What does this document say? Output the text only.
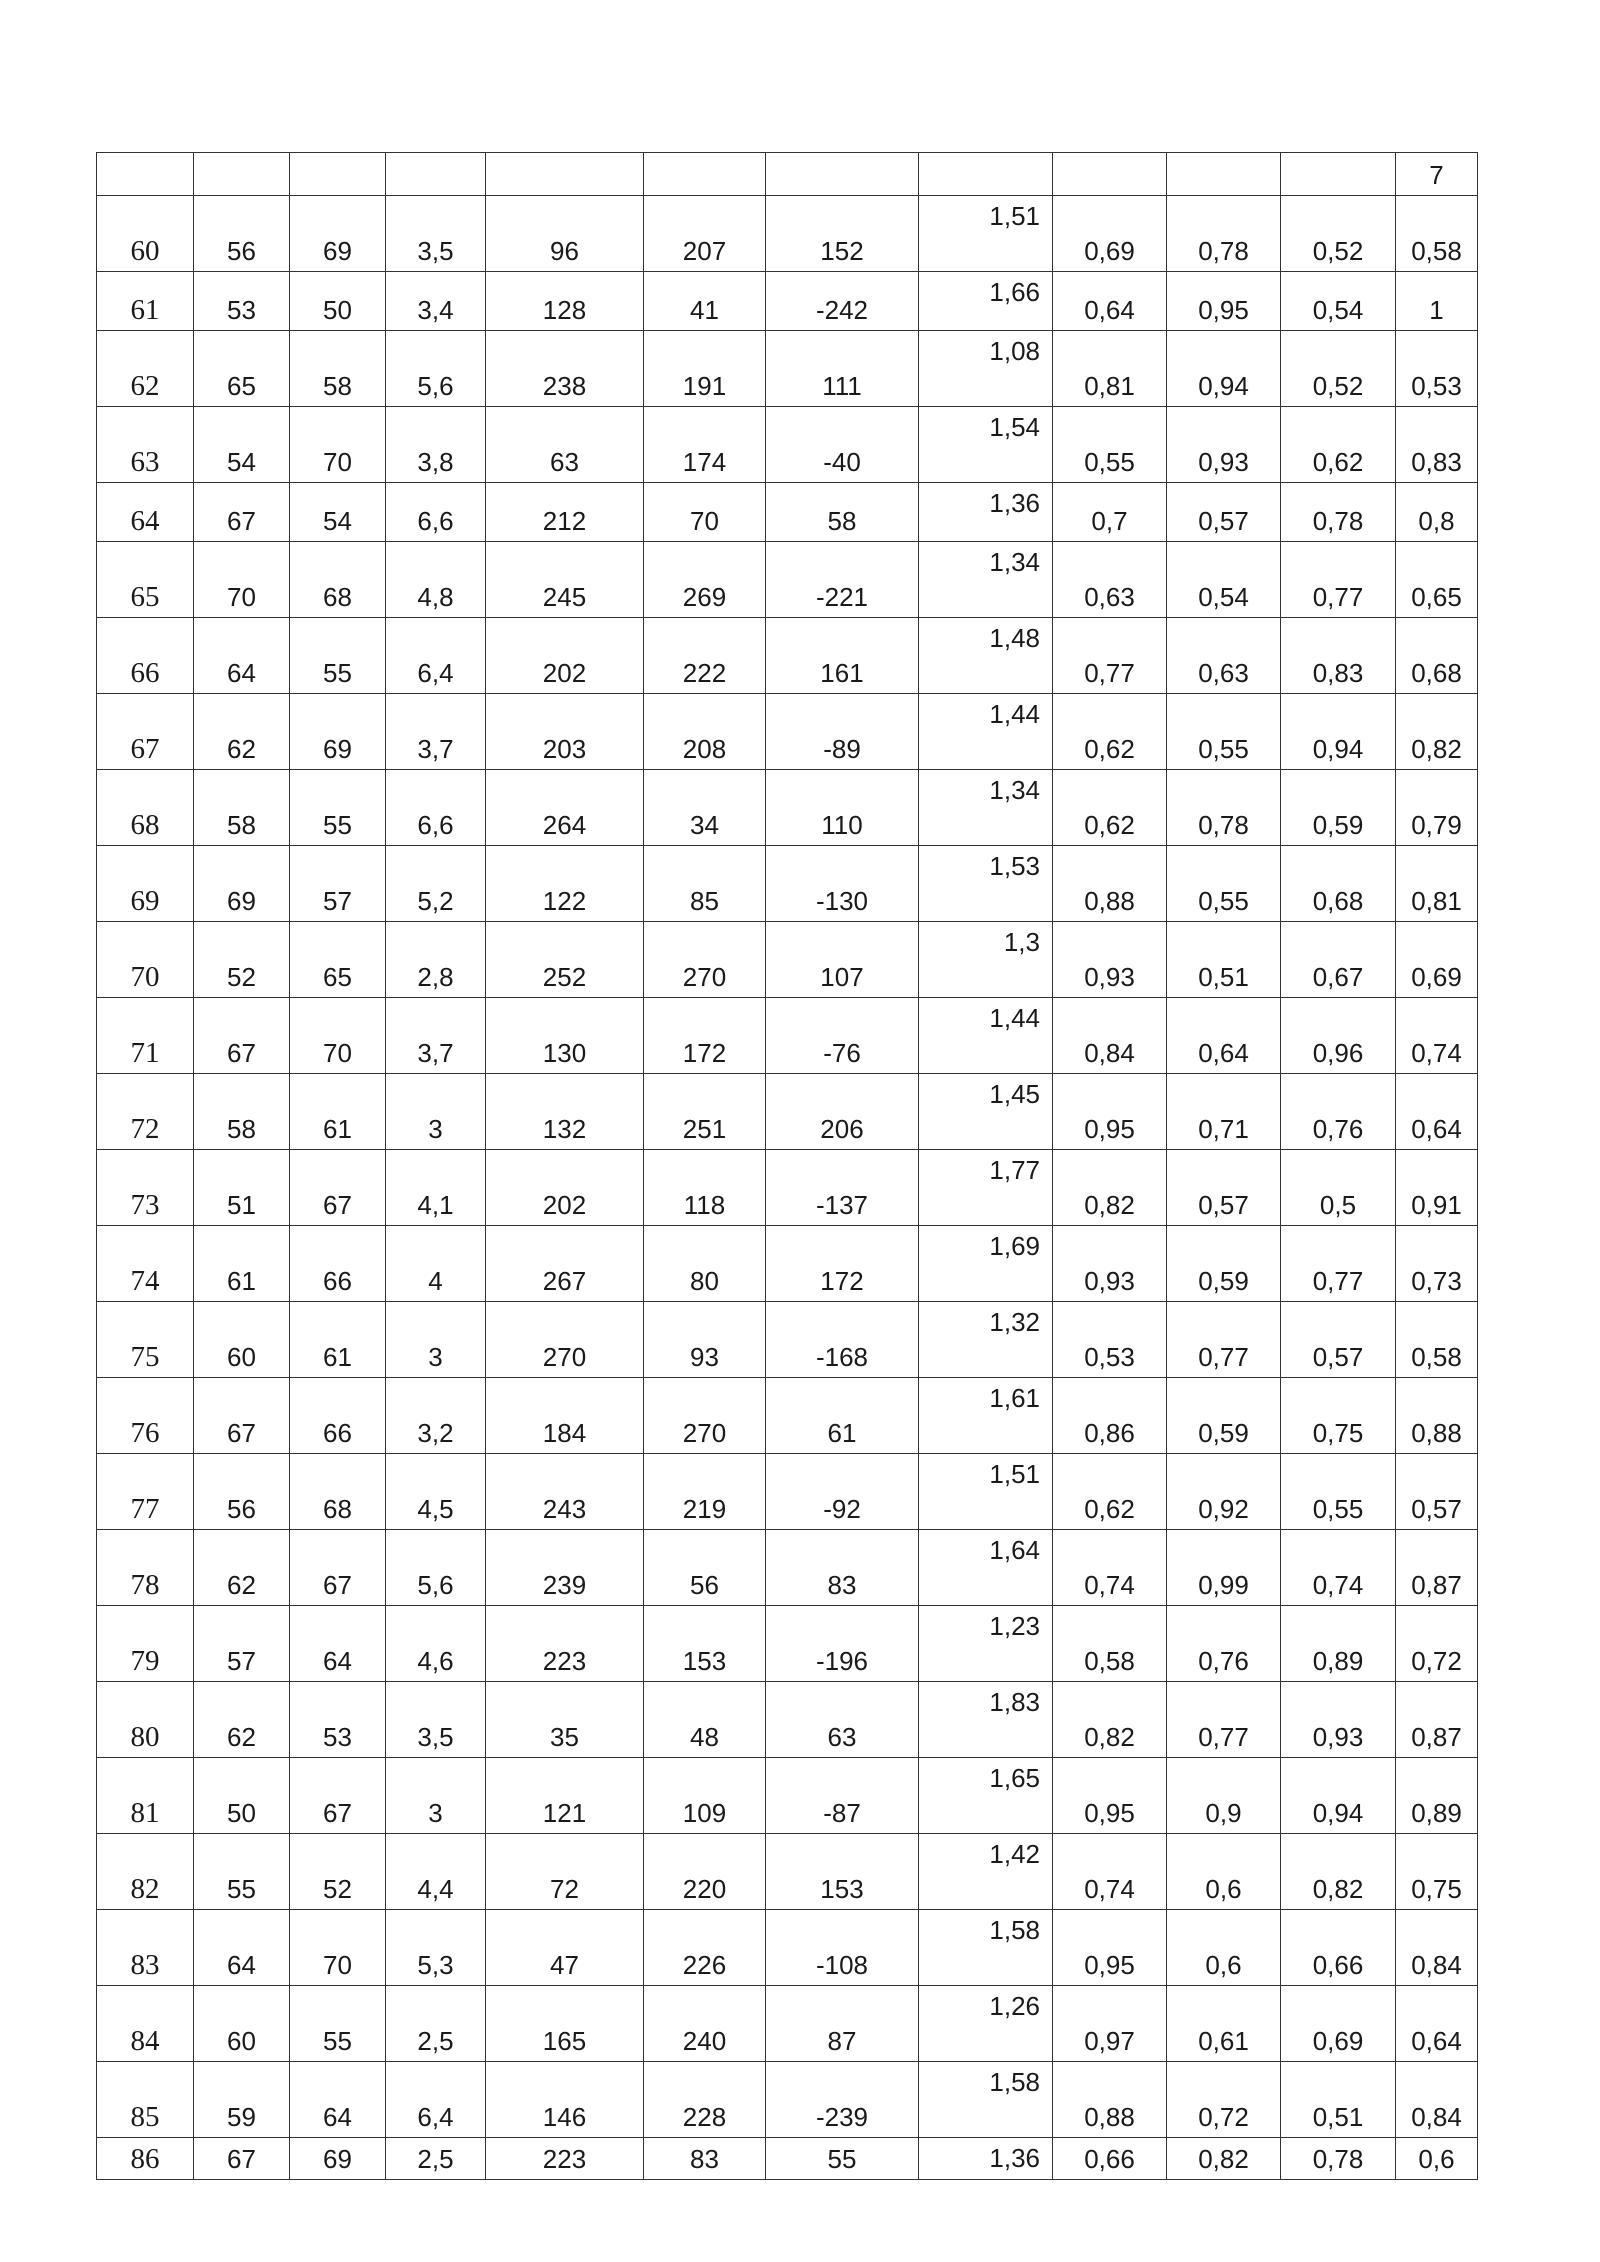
											7
60	56	69	3,5	96	207	152	1,51	0,69	0,78	0,52	0,58
61	53	50	3,4	128	41	-242	1,66	0,64	0,95	0,54	1
62	65	58	5,6	238	191	111	1,08	0,81	0,94	0,52	0,53
63	54	70	3,8	63	174	-40	1,54	0,55	0,93	0,62	0,83
64	67	54	6,6	212	70	58	1,36	0,7	0,57	0,78	0,8
65	70	68	4,8	245	269	-221	1,34	0,63	0,54	0,77	0,65
66	64	55	6,4	202	222	161	1,48	0,77	0,63	0,83	0,68
67	62	69	3,7	203	208	-89	1,44	0,62	0,55	0,94	0,82
68	58	55	6,6	264	34	110	1,34	0,62	0,78	0,59	0,79
69	69	57	5,2	122	85	-130	1,53	0,88	0,55	0,68	0,81
70	52	65	2,8	252	270	107	1,3	0,93	0,51	0,67	0,69
71	67	70	3,7	130	172	-76	1,44	0,84	0,64	0,96	0,74
72	58	61	3	132	251	206	1,45	0,95	0,71	0,76	0,64
73	51	67	4,1	202	118	-137	1,77	0,82	0,57	0,5	0,91
74	61	66	4	267	80	172	1,69	0,93	0,59	0,77	0,73
75	60	61	3	270	93	-168	1,32	0,53	0,77	0,57	0,58
76	67	66	3,2	184	270	61	1,61	0,86	0,59	0,75	0,88
77	56	68	4,5	243	219	-92	1,51	0,62	0,92	0,55	0,57
78	62	67	5,6	239	56	83	1,64	0,74	0,99	0,74	0,87
79	57	64	4,6	223	153	-196	1,23	0,58	0,76	0,89	0,72
80	62	53	3,5	35	48	63	1,83	0,82	0,77	0,93	0,87
81	50	67	3	121	109	-87	1,65	0,95	0,9	0,94	0,89
82	55	52	4,4	72	220	153	1,42	0,74	0,6	0,82	0,75
83	64	70	5,3	47	226	-108	1,58	0,95	0,6	0,66	0,84
84	60	55	2,5	165	240	87	1,26	0,97	0,61	0,69	0,64
85	59	64	6,4	146	228	-239	1,58	0,88	0,72	0,51	0,84
86	67	69	2,5	223	83	55	1,36	0,66	0,82	0,78	0,6
